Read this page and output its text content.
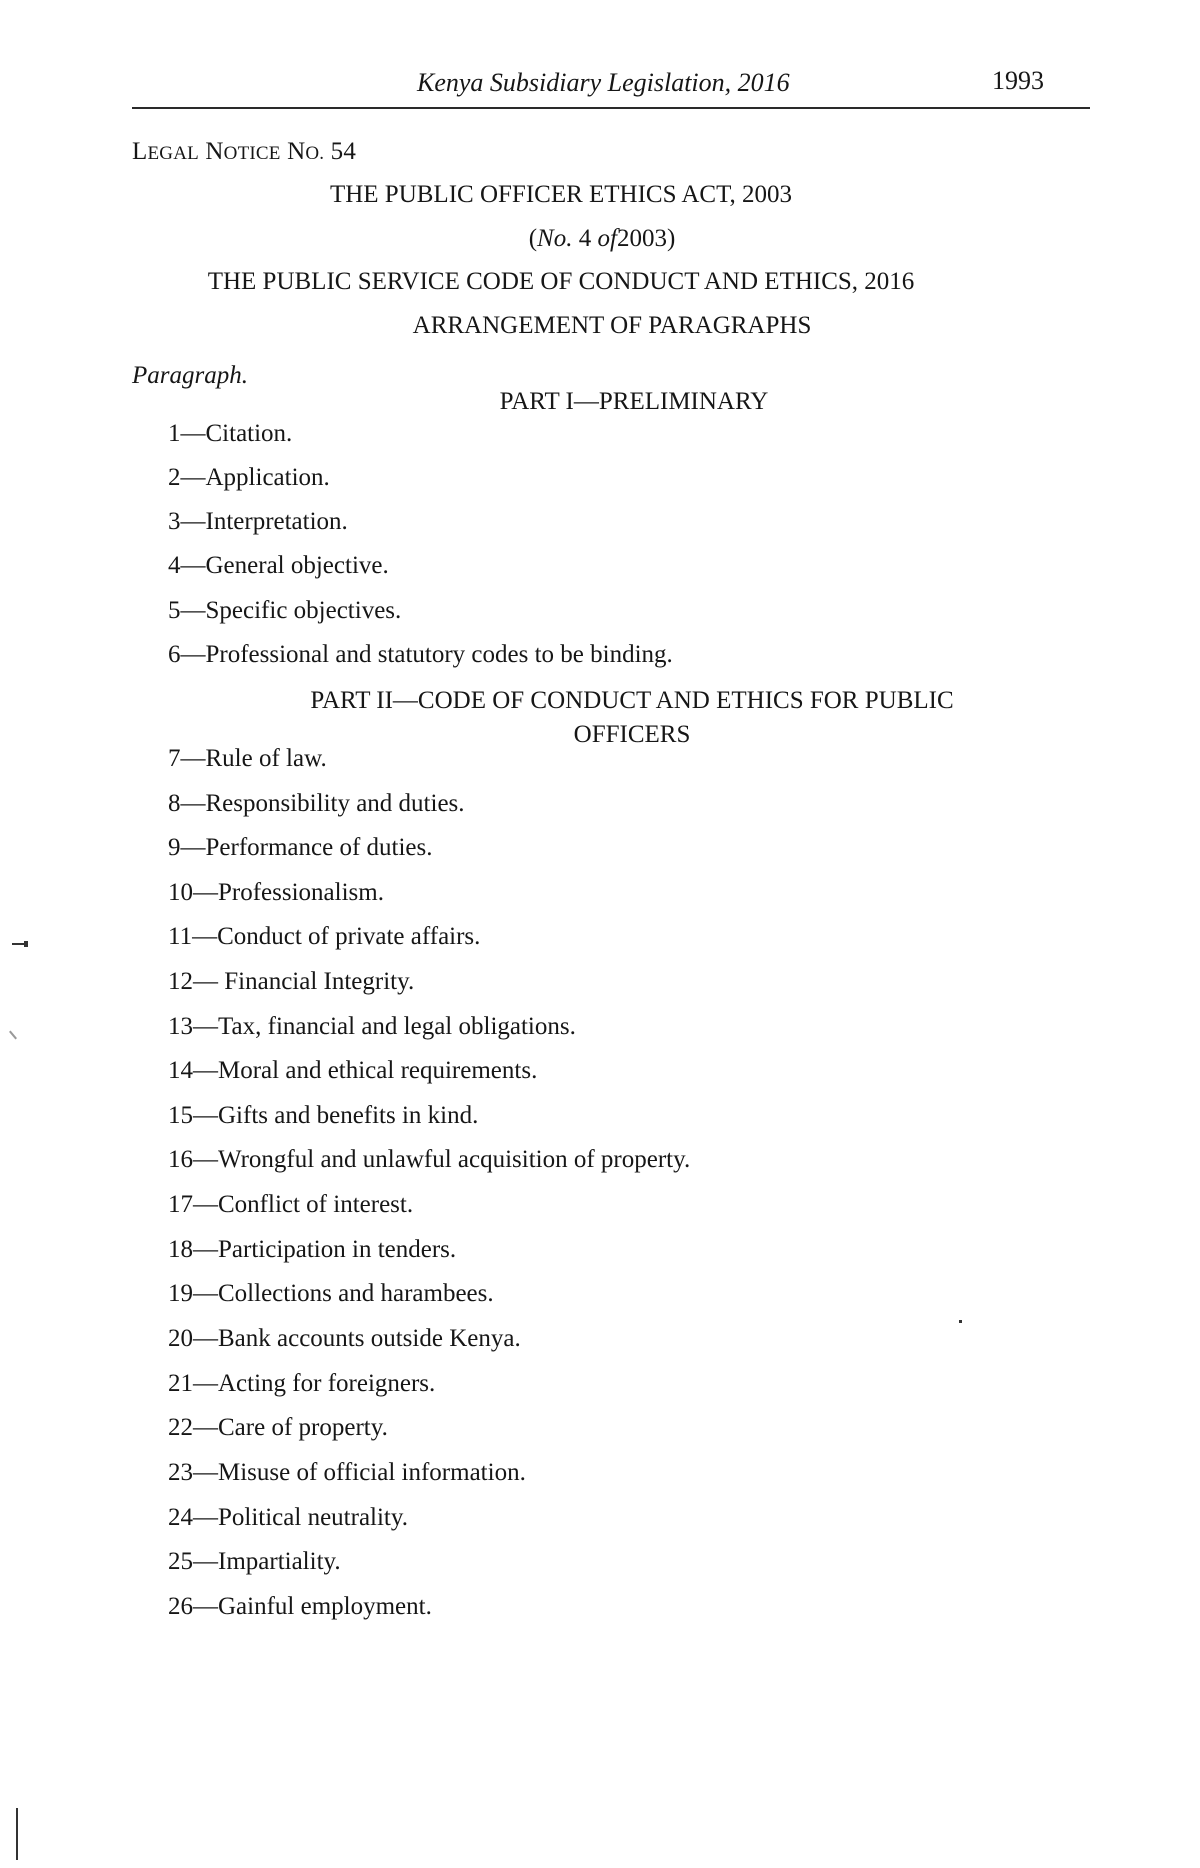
Kenya Subsidiary Legislation, 2016	1993
LEGAL NOTICE NO. 54
THE PUBLIC OFFICER ETHICS ACT, 2003
(No. 4 of2003)
THE PUBLIC SERVICE CODE OF CONDUCT AND ETHICS, 2016
ARRANGEMENT OF PARAGRAPHS
Paragraph.
PART I—PRELIMINARY
1—Citation.
2—Application.
3—Interpretation.
4—General objective.
5—Specific objectives.
6—Professional and statutory codes to be binding.
PART II—CODE OF CONDUCT AND ETHICS FOR PUBLIC
OFFICERS
7—Rule of law.
8—Responsibility and duties.
9—Performance of duties.
10—Professionalism.
11—Conduct of private affairs.
12— Financial Integrity.
13—Tax, financial and legal obligations.
14—Moral and ethical requirements.
15—Gifts and benefits in kind.
16—Wrongful and unlawful acquisition of property.
17—Conflict of interest.
18—Participation in tenders.
19—Collections and harambees.
20—Bank accounts outside Kenya.
21—Acting for foreigners.
22—Care of property.
23—Misuse of official information.
24—Political neutrality.
25—Impartiality.
26—Gainful employment.
